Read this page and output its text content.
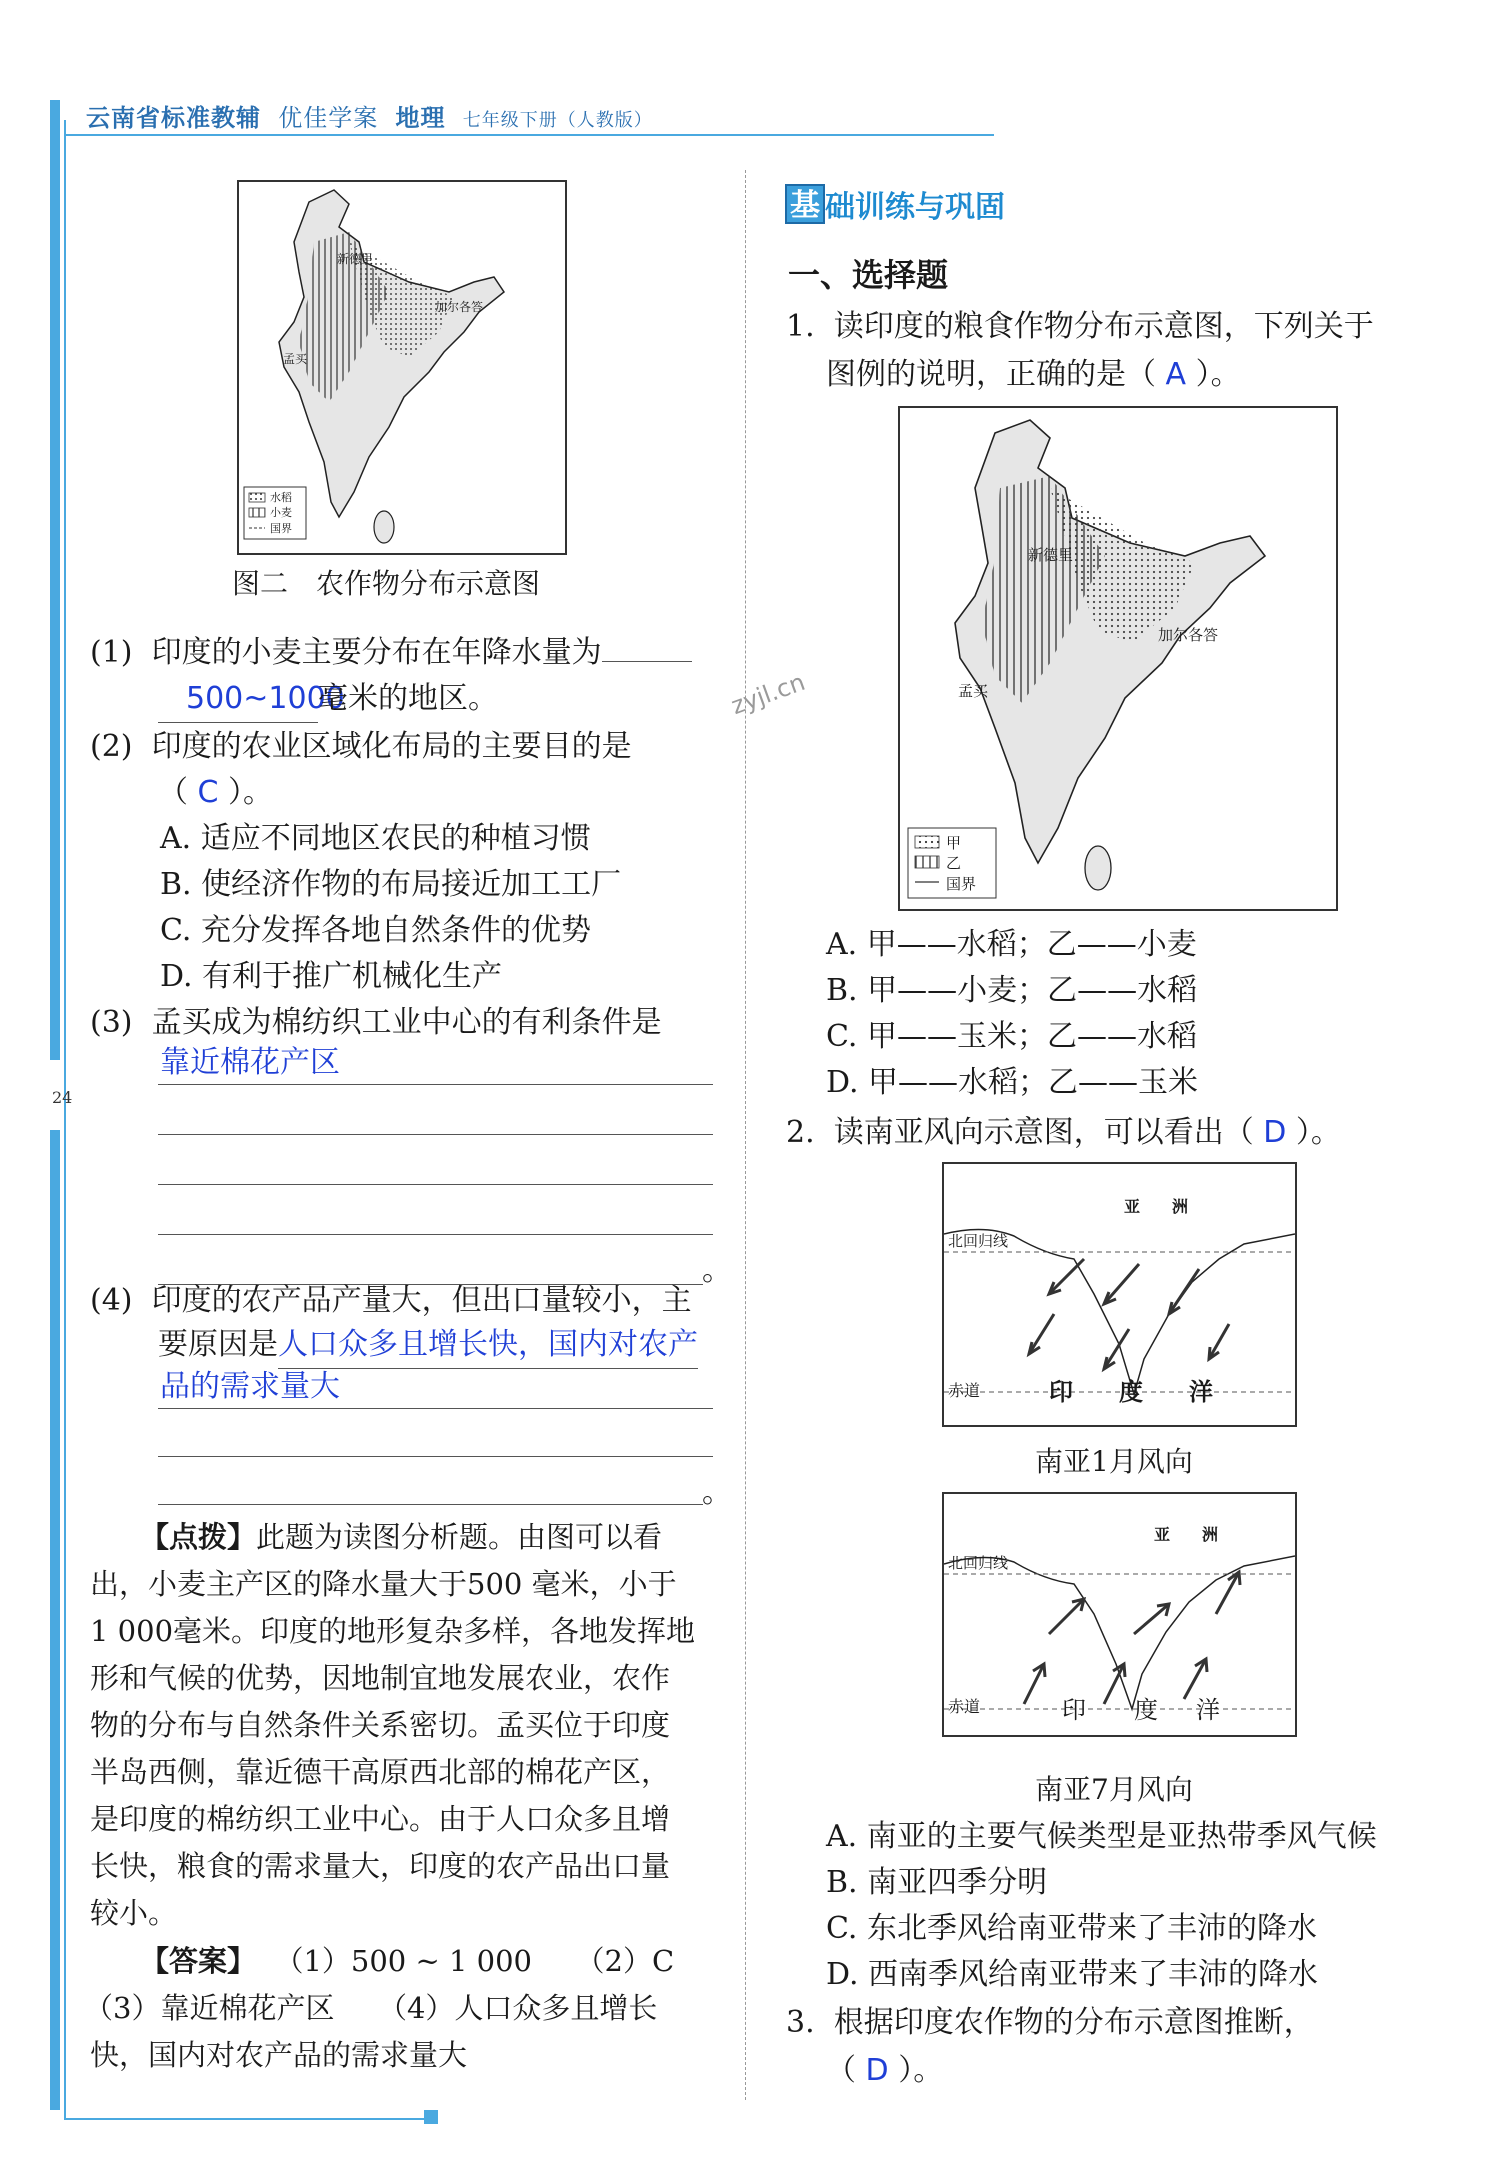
24
云南省标准教辅 优佳学案 地理 七年级下册（人教版）
新德里
加尔各答
孟买
水稻
小麦
国界
图二　农作物分布示意图
(1) 印度的小麦主要分布在年降水量为
500~1000毫米的地区。
(2) 印度的农业区域化布局的主要目的是
（ C ）。
A. 适应不同地区农民的种植习惯
B. 使经济作物的布局接近加工工厂
C. 充分发挥各地自然条件的优势
D. 有利于推广机械化生产
(3) 孟买成为棉纺织工业中心的有利条件是
靠近棉花产区
。
(4) 印度的农产品产量大，但出口量较小，主
要原因是人口众多且增长快，国内对农产
品的需求量大
。
【点拨】此题为读图分析题。由图可以看
出，小麦主产区的降水量大于500 毫米，小于
1 000毫米。印度的地形复杂多样，各地发挥地
形和气候的优势，因地制宜地发展农业，农作
物的分布与自然条件关系密切。孟买位于印度
半岛西侧，靠近德干高原西北部的棉花产区，
是印度的棉纺织工业中心。由于人口众多且增
长快，粮食的需求量大，印度的农产品出口量
较小。
【答案】 （1）500 ~ 1 000　　（2）C
（3）靠近棉花产区　　（4）人口众多且增长
快，国内对农产品的需求量大
基 础训练与巩固
一、选择题
1. 读印度的粮食作物分布示意图，下列关于
图例的说明，正确的是（ A ）。
新德里
加尔各答
孟买
甲
乙
国界
zyjl.cn
A. 甲——水稻；乙——小麦
B. 甲——小麦；乙——水稻
C. 甲——玉米；乙——水稻
D. 甲——水稻；乙——玉米
2. 读南亚风向示意图，可以看出（ D ）。
亚　　洲
北回归线
赤道	印 度 洋
南亚1月风向
亚　　洲
北回归线
赤道	印 度 洋
南亚7月风向
A. 南亚的主要气候类型是亚热带季风气候
B. 南亚四季分明
C. 东北季风给南亚带来了丰沛的降水
D. 西南季风给南亚带来了丰沛的降水
3. 根据印度农作物的分布示意图推断，
（ D ）。
